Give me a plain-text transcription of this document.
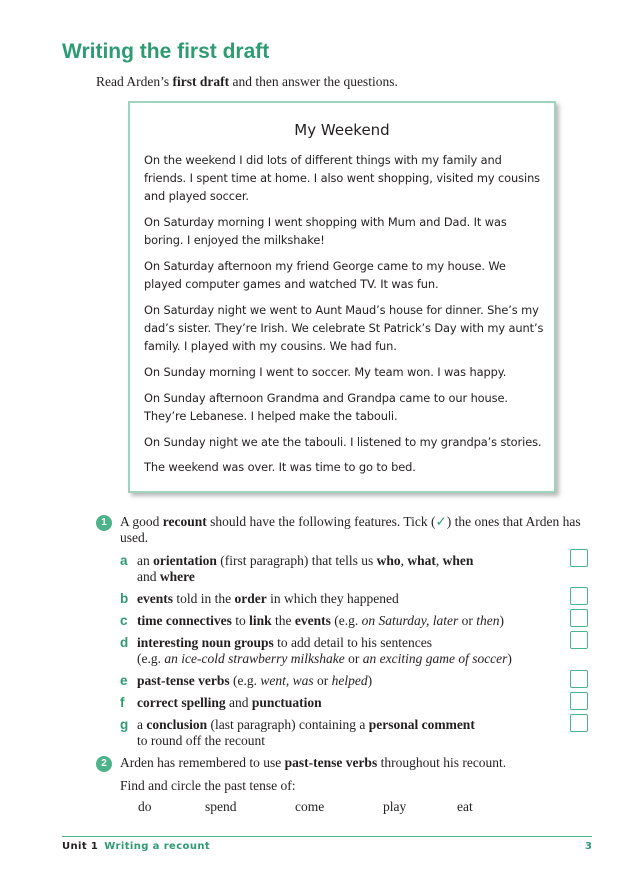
Writing the first draft
Read Arden’s first draft and then answer the questions.
My Weekend

On the weekend I did lots of different things with my family and friends. I spent time at home. I also went shopping, visited my cousins and played soccer.

On Saturday morning I went shopping with Mum and Dad. It was boring. I enjoyed the milkshake!

On Saturday afternoon my friend George came to my house. We played computer games and watched TV. It was fun.

On Saturday night we went to Aunt Maud’s house for dinner. She’s my dad’s sister. They’re Irish. We celebrate St Patrick’s Day with my aunt’s family. I played with my cousins. We had fun.

On Sunday morning I went to soccer. My team won. I was happy.

On Sunday afternoon Grandma and Grandpa came to our house. They’re Lebanese. I helped make the tabouli.

On Sunday night we ate the tabouli. I listened to my grandpa’s stories.

The weekend was over. It was time to go to bed.

1 A good recount should have the following features. Tick (✓) the ones that Arden has used.
a an orientation (first paragraph) that tells us who, what, when
and where
b events told in the order in which they happened
c time connectives to link the events (e.g. on Saturday, later or then)
d interesting noun groups to add detail to his sentences
(e.g. an ice-cold strawberry milkshake or an exciting game of soccer)
e past-tense verbs (e.g. went, was or helped)
f correct spelling and punctuation
g a conclusion (last paragraph) containing a personal comment
to round off the recount
2 Arden has remembered to use past-tense verbs throughout his recount.
Find and circle the past tense of:
do	spend	come	play	eat
Unit 1 Writing a recount	3
